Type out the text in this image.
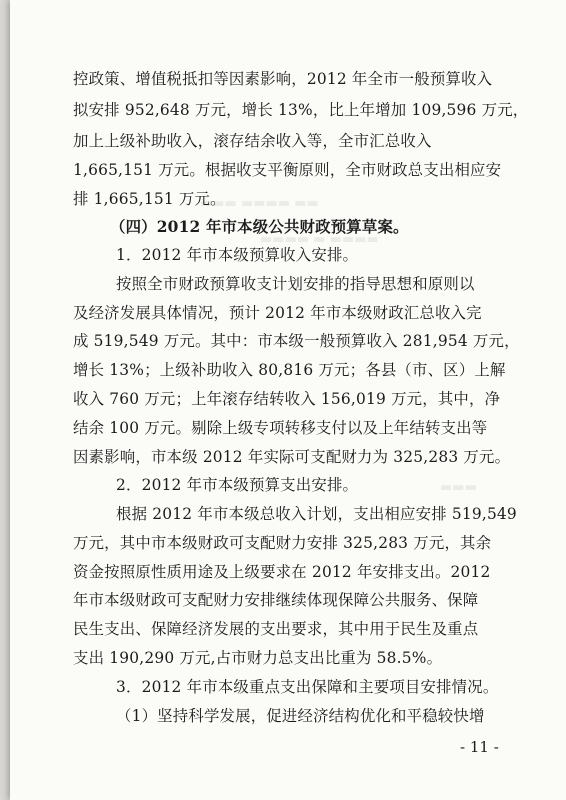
▬▬▬ ▬▬▬▬ ▬▬
▬▬▬▬ ▬ ▬▬▬▬
▬▬▬
控政策、增值税抵扣等因素影响，2012 年全市一般预算收入
拟安排 952,648 万元，增长 13%，比上年增加 109,596 万元，
加上上级补助收入，滚存结余收入等，全市汇总收入
1,665,151 万元。根据收支平衡原则，全市财政总支出相应安
排 1,665,151 万元。
（四）2012 年市本级公共财政预算草案。
1．2012 年市本级预算收入安排。
按照全市财政预算收支计划安排的指导思想和原则以
及经济发展具体情况，预计 2012 年市本级财政汇总收入完
成 519,549 万元。其中：市本级一般预算收入 281,954 万元，
增长 13%；上级补助收入 80,816 万元；各县（市、区）上解
收入 760 万元；上年滚存结转收入 156,019 万元，其中，净
结余 100 万元。剔除上级专项转移支付以及上年结转支出等
因素影响，市本级 2012 年实际可支配财力为 325,283 万元。
2．2012 年市本级预算支出安排。
根据 2012 年市本级总收入计划，支出相应安排 519,549
万元，其中市本级财政可支配财力安排 325,283 万元，其余
资金按照原性质用途及上级要求在 2012 年安排支出。2012
年市本级财政可支配财力安排继续体现保障公共服务、保障
民生支出、保障经济发展的支出要求，其中用于民生及重点
支出 190,290 万元,占市财力总支出比重为 58.5%。
3．2012 年市本级重点支出保障和主要项目安排情况。
（1）坚持科学发展，促进经济结构优化和平稳较快增
- 11 -
